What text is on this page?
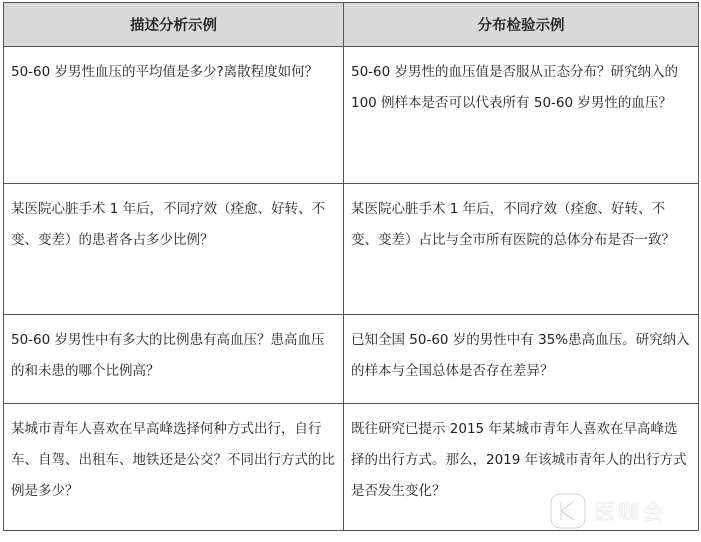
描述分析示例	分布检验示例
50-60 岁男性血压的平均值是多少?离散程度如何？	50-60 岁男性的血压值是否服从正态分布？研究纳入的 100 例样本是否可以代表所有 50-60 岁男性的血压？
某医院心脏手术 1 年后，不同疗效（痊愈、好转、不变、变差）的患者各占多少比例？	某医院心脏手术 1 年后，不同疗效（痊愈、好转、不变、变差）占比与全市所有医院的总体分布是否一致？
50-60 岁男性中有多大的比例患有高血压？患高血压的和未患的哪个比例高？	已知全国 50-60 岁的男性中有 35%患高血压。研究纳入的样本与全国总体是否存在差异？
某城市青年人喜欢在早高峰选择何种方式出行，自行车、自驾、出租车、地铁还是公交？不同出行方式的比例是多少？	既往研究已提示 2015 年某城市青年人喜欢在早高峰选择的出行方式。那么，2019 年该城市青年人的出行方式是否发生变化？
医咖会
